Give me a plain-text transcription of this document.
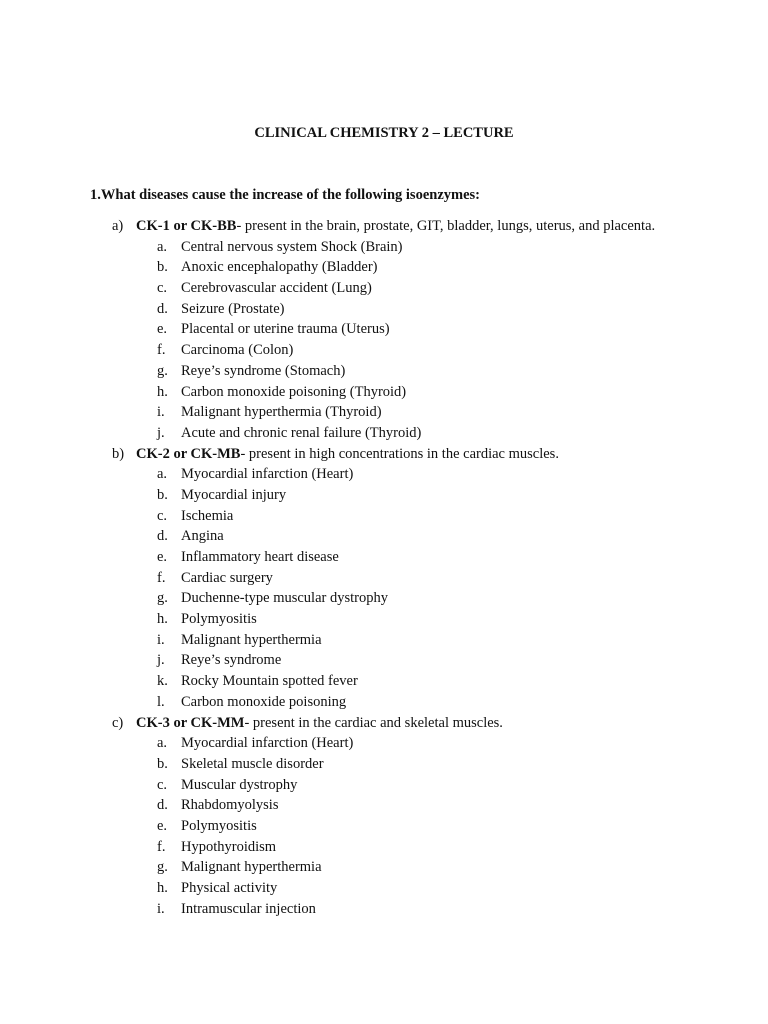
CLINICAL CHEMISTRY 2 – LECTURE
1.What diseases cause the increase of the following isoenzymes:
a) CK-1 or CK-BB- present in the brain, prostate, GIT, bladder, lungs, uterus, and placenta.
a. Central nervous system Shock (Brain)
b. Anoxic encephalopathy (Bladder)
c. Cerebrovascular accident (Lung)
d. Seizure (Prostate)
e. Placental or uterine trauma (Uterus)
f. Carcinoma (Colon)
g. Reye’s syndrome (Stomach)
h. Carbon monoxide poisoning (Thyroid)
i. Malignant hyperthermia (Thyroid)
j. Acute and chronic renal failure (Thyroid)
b) CK-2 or CK-MB- present in high concentrations in the cardiac muscles.
a. Myocardial infarction (Heart)
b. Myocardial injury
c. Ischemia
d. Angina
e. Inflammatory heart disease
f. Cardiac surgery
g. Duchenne-type muscular dystrophy
h. Polymyositis
i. Malignant hyperthermia
j. Reye’s syndrome
k. Rocky Mountain spotted fever
l. Carbon monoxide poisoning
c) CK-3 or CK-MM- present in the cardiac and skeletal muscles.
a. Myocardial infarction (Heart)
b. Skeletal muscle disorder
c. Muscular dystrophy
d. Rhabdomyolysis
e. Polymyositis
f. Hypothyroidism
g. Malignant hyperthermia
h. Physical activity
i. Intramuscular injection
